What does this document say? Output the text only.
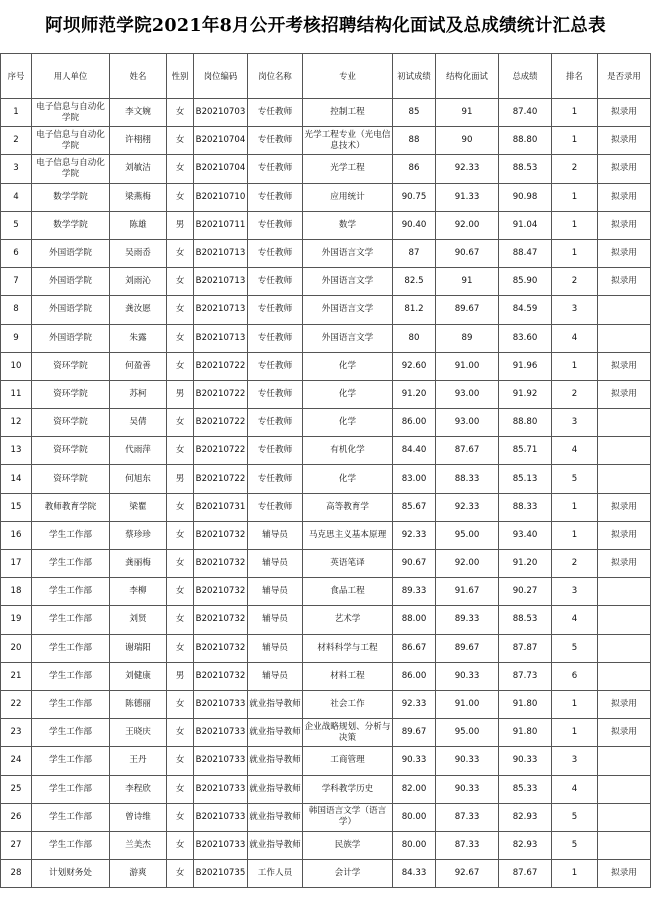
阿坝师范学院2021年8月公开考核招聘结构化面试及总成绩统计汇总表
序号	用人单位	姓名	性别	岗位编码	岗位名称	专业	初试成绩	结构化面试	总成绩	排名	是否录用
1	电子信息与自动化学院	李文婉	女	B20210703	专任教师	控制工程	85	91	87.40	1	拟录用
2	电子信息与自动化学院	许栩栩	女	B20210704	专任教师	光学工程专业（光电信息技术）	88	90	88.80	1	拟录用
3	电子信息与自动化学院	刘敏洁	女	B20210704	专任教师	光学工程	86	92.33	88.53	2	拟录用
4	数学学院	梁燕梅	女	B20210710	专任教师	应用统计	90.75	91.33	90.98	1	拟录用
5	数学学院	陈雄	男	B20210711	专任教师	数学	90.40	92.00	91.04	1	拟录用
6	外国语学院	吴雨岙	女	B20210713	专任教师	外国语言文学	87	90.67	88.47	1	拟录用
7	外国语学院	刘雨沁	女	B20210713	专任教师	外国语言文学	82.5	91	85.90	2	拟录用
8	外国语学院	龚汝愿	女	B20210713	专任教师	外国语言文学	81.2	89.67	84.59	3	
9	外国语学院	朱露	女	B20210713	专任教师	外国语言文学	80	89	83.60	4	
10	资环学院	何盈善	女	B20210722	专任教师	化学	92.60	91.00	91.96	1	拟录用
11	资环学院	苏柯	男	B20210722	专任教师	化学	91.20	93.00	91.92	2	拟录用
12	资环学院	吴倩	女	B20210722	专任教师	化学	86.00	93.00	88.80	3	
13	资环学院	代雨萍	女	B20210722	专任教师	有机化学	84.40	87.67	85.71	4	
14	资环学院	何旭东	男	B20210722	专任教师	化学	83.00	88.33	85.13	5	
15	教师教育学院	梁瞿	女	B20210731	专任教师	高等教育学	85.67	92.33	88.33	1	拟录用
16	学生工作部	蔡珍珍	女	B20210732	辅导员	马克思主义基本原理	92.33	95.00	93.40	1	拟录用
17	学生工作部	龚丽梅	女	B20210732	辅导员	英语笔译	90.67	92.00	91.20	2	拟录用
18	学生工作部	李柳	女	B20210732	辅导员	食品工程	89.33	91.67	90.27	3	
19	学生工作部	刘贤	女	B20210732	辅导员	艺术学	88.00	89.33	88.53	4	
20	学生工作部	谢瑞阳	女	B20210732	辅导员	材料科学与工程	86.67	89.67	87.87	5	
21	学生工作部	刘健康	男	B20210732	辅导员	材料工程	86.00	90.33	87.73	6	
22	学生工作部	陈德丽	女	B20210733	就业指导教师	社会工作	92.33	91.00	91.80	1	拟录用
23	学生工作部	王晓庆	女	B20210733	就业指导教师	企业战略规划、分析与决策	89.67	95.00	91.80	1	拟录用
24	学生工作部	王丹	女	B20210733	就业指导教师	工商管理	90.33	90.33	90.33	3	
25	学生工作部	李程欣	女	B20210733	就业指导教师	学科教学历史	82.00	90.33	85.33	4	
26	学生工作部	曾诗维	女	B20210733	就业指导教师	韩国语言文学（语言学）	80.00	87.33	82.93	5	
27	学生工作部	兰美杰	女	B20210733	就业指导教师	民族学	80.00	87.33	82.93	5	
28	计划财务处	游爽	女	B20210735	工作人员	会计学	84.33	92.67	87.67	1	拟录用
